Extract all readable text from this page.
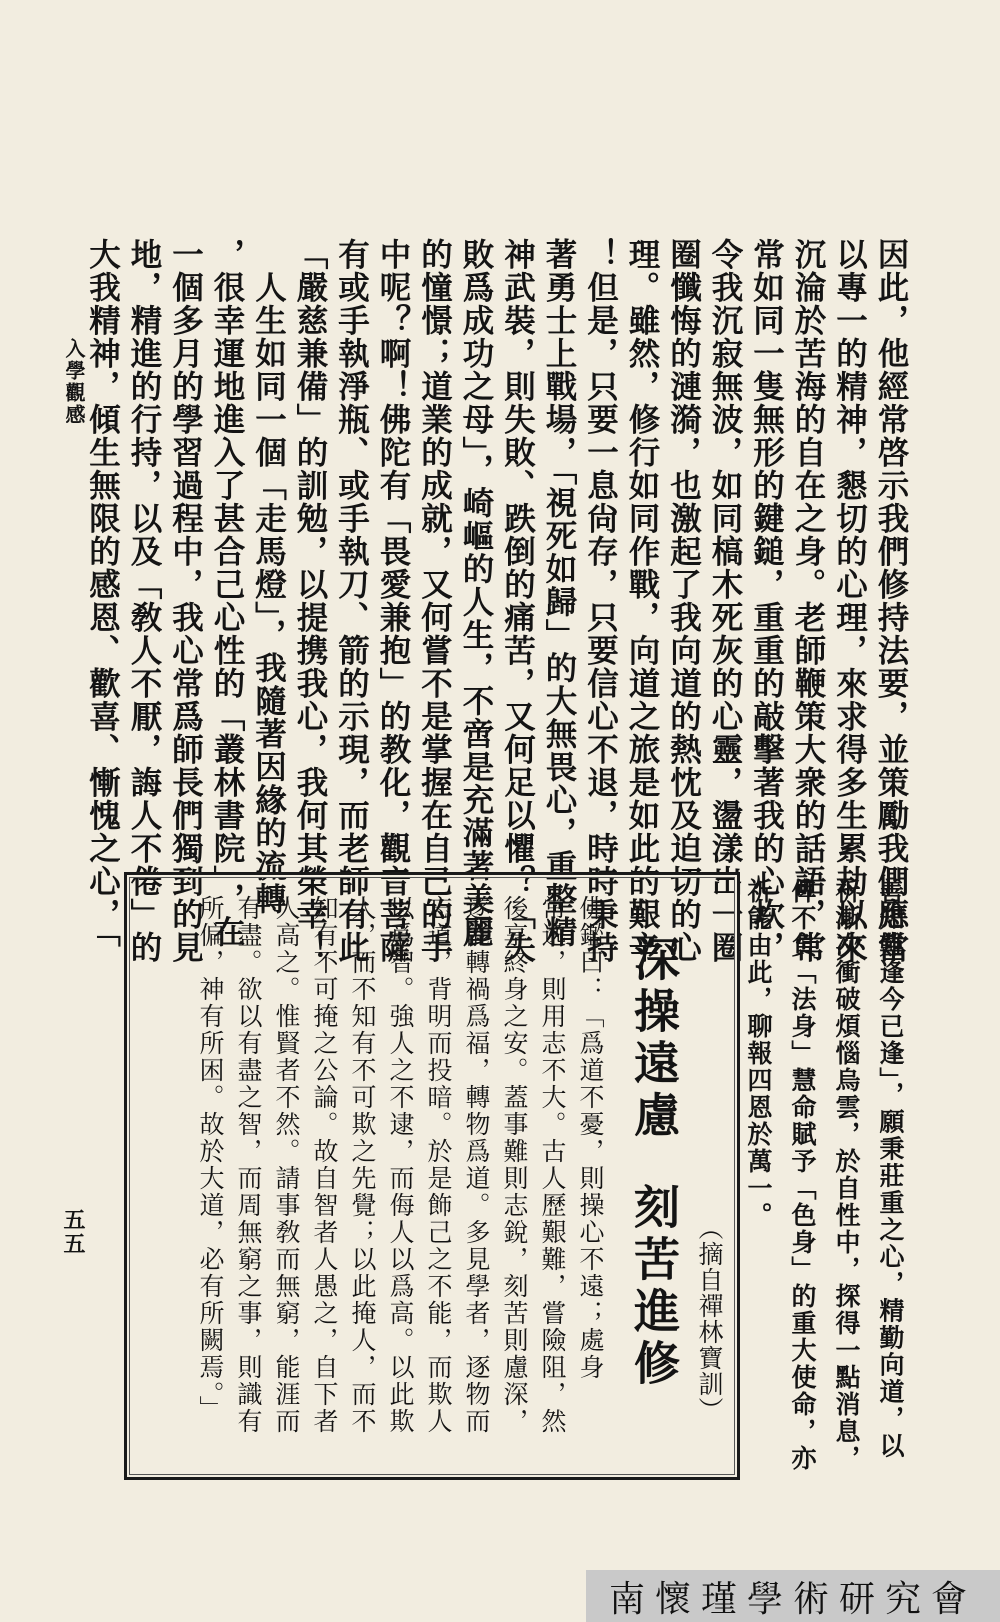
入學觀感
五五
因此，他經常啓示我們修持法要，並策勵我們應當
以專一的精神，懇切的心理，來求得多生累劫以來
沉淪於苦海的自在之身。老師鞭策大衆的話語，常
常如同一隻無形的鍵鎚，重重的敲擊著我的心坎，
令我沉寂無波，如同槁木死灰的心靈，盪漾出一圈
圈懺悔的漣漪，也激起了我向道的熱忱及迫切的心
理。雖然，修行如同作戰，向道之旅是如此的艱辛
！但是，只要一息尙存，只要信心不退，時時秉持
著勇士上戰場，「視死如歸」的大無畏心，重整精
神武裝，則失敗、跌倒的痛苦，又何足以懼？「失
敗爲成功之母」，崎嶇的人生，不啻是充滿著美麗
的憧憬；道業的成就，又何嘗不是掌握在自己的手
中呢？啊！佛陀有「畏愛兼抱」的教化，觀音菩薩
有或手執淨瓶、或手執刀、箭的示現，而老師有此
「嚴慈兼備」的訓勉，以提携我心，我何其榮幸！
　人生如同一個「走馬燈」，我隨著因緣的流轉
，很幸運地進入了甚合己心性的「叢林書院」，在
一個多月的學習過程中，我心常爲師長們獨到的見
地，精進的行持，以及「敎人不厭，誨人不倦」的
大我精神，傾生無限的感恩、歡喜、慚愧之心，「
善知難逢今已逢」，願秉莊重之心，精勤向道，以
祈漸次衝破煩惱烏雲，於自性中，探得一點消息，
俾不負「法身」慧命賦予「色身」的重大使命，亦
祈能由此，聊報四恩於萬一。
深操遠慮刻苦進修 （摘自禪林寶訓）
佛鑑曰：「爲道不憂，則操心不遠；處身
常逸，則用志不大。古人歷艱難，嘗險阻，然
後享終身之安。蓋事難則志銳，刻苦則慮深，
遂能轉禍爲福，轉物爲道。多見學者，逐物而
忘道，背明而投暗。於是飾己之不能，而欺人
以爲智。強人之不逮，而侮人以爲高。以此欺
人，而不知有不可欺之先覺；以此掩人，而不
知有不可掩之公論。故自智者人愚之，自下者
人高之。惟賢者不然。請事敎而無窮，能涯而
有盡。欲以有盡之智，而周無窮之事，則識有
所偏，神有所困。故於大道，必有所闕焉。」
南懷瑾學術研究會
